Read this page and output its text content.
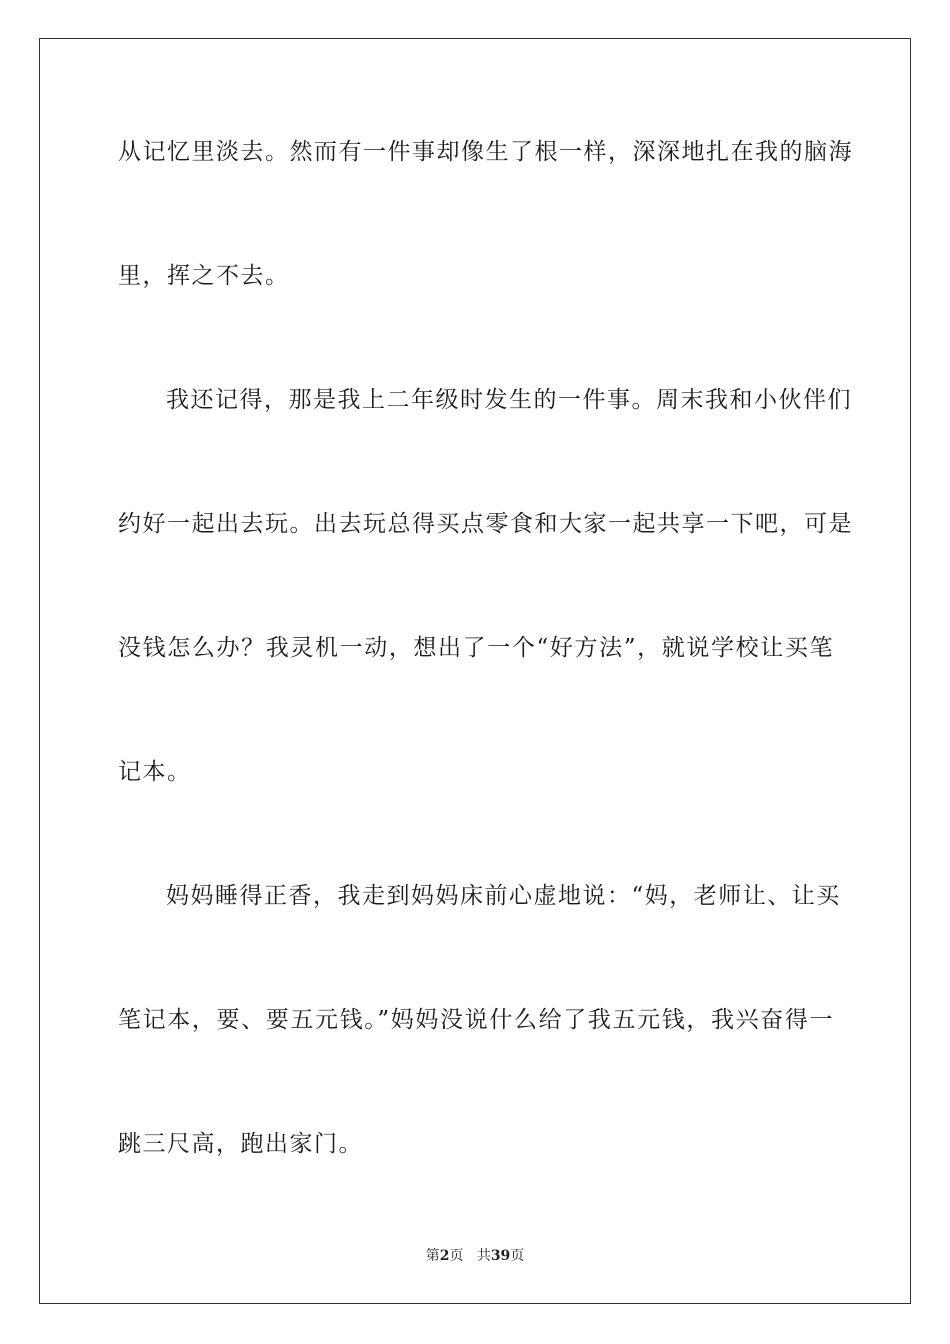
从记忆里淡去。然而有一件事却像生了根一样，深深地扎在我的脑海
里，挥之不去。
我还记得，那是我上二年级时发生的一件事。周末我和小伙伴们
约好一起出去玩。出去玩总得买点零食和大家一起共享一下吧，可是
没钱怎么办？我灵机一动，想出了一个“好方法”，就说学校让买笔
记本。
妈妈睡得正香，我走到妈妈床前心虚地说：“妈，老师让、让买
笔记本，要、要五元钱。”妈妈没说什么给了我五元钱，我兴奋得一
跳三尺高，跑出家门。
第2页 共39页
